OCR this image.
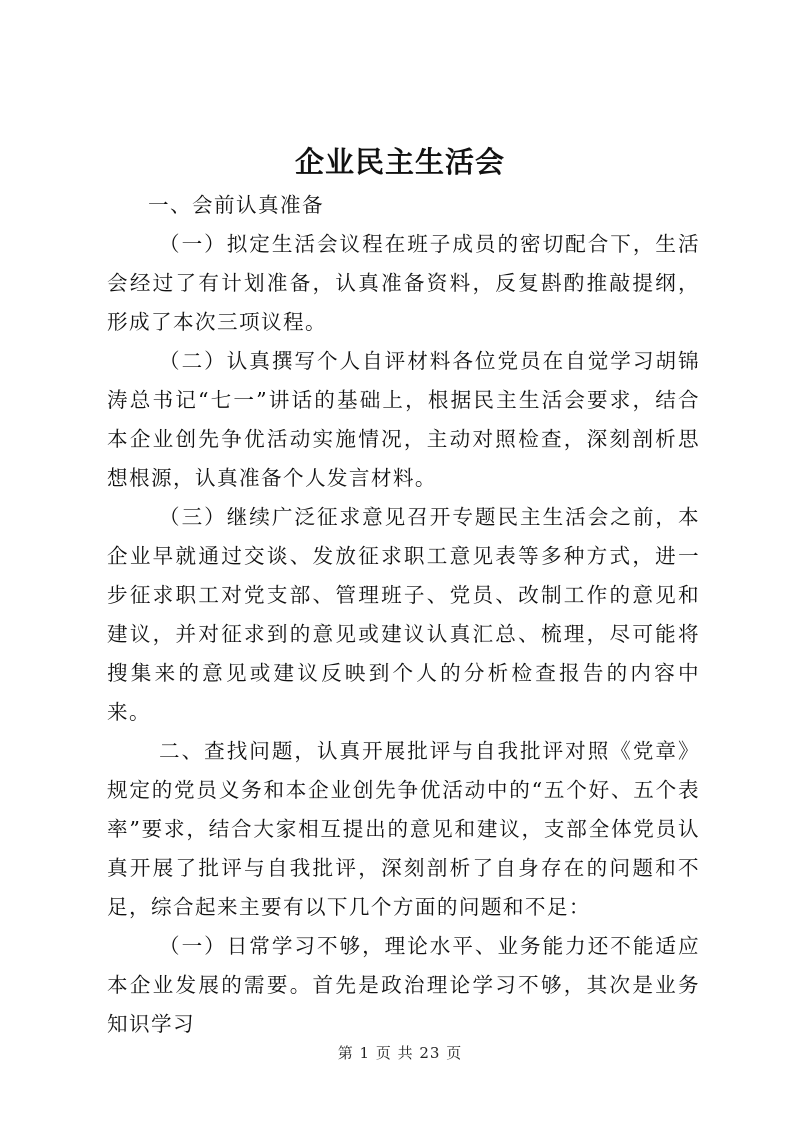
企业民主生活会

一、会前认真准备

（一）拟定生活会议程在班子成员的密切配合下，生活会经过了有计划准备，认真准备资料，反复斟酌推敲提纲，形成了本次三项议程。

（二）认真撰写个人自评材料各位党员在自觉学习胡锦涛总书记“七一”讲话的基础上，根据民主生活会要求，结合本企业创先争优活动实施情况，主动对照检查，深刻剖析思想根源，认真准备个人发言材料。

（三）继续广泛征求意见召开专题民主生活会之前，本企业早就通过交谈、发放征求职工意见表等多种方式，进一步征求职工对党支部、管理班子、党员、改制工作的意见和建议，并对征求到的意见或建议认真汇总、梳理，尽可能将搜集来的意见或建议反映到个人的分析检查报告的内容中来。

二、查找问题，认真开展批评与自我批评对照《党章》规定的党员义务和本企业创先争优活动中的“五个好、五个表率”要求，结合大家相互提出的意见和建议，支部全体党员认真开展了批评与自我批评，深刻剖析了自身存在的问题和不足，综合起来主要有以下几个方面的问题和不足：

（一）日常学习不够，理论水平、业务能力还不能适应本企业发展的需要。首先是政治理论学习不够，其次是业务知识学习

第 1 页 共 23 页
